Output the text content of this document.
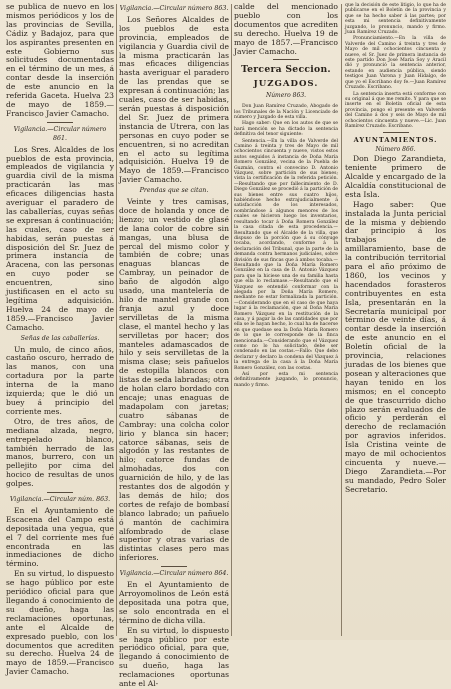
se publica de nuevo en los mismos periódicos y los de las provincias de Sevilla, Cádiz y Badajoz, para que los aspirantes presenten en este Gobierno sus solicitudes documentadas en el término de un mes, á contar desde la inserción de este anuncio en la referida Gaceta. Huelva 23 de mayo de 1859.—Francisco Javier Camacho.

Vigilancia.—Circular número 861.

Los Sres. Alcaldes de los pueblos de esta provincia, empleados de vigilancia y guardia civil de la misma practicarán las mas eficaces diligencias hasta averiguar el paradero de las caballerías, cuyas señas se expresan á continuación; las cuales, caso de ser habidas, serán puestas á disposición del Sr. Juez de primera instancia de Aracena, con las personas en cuyo poder se encuentren, sino justificasen en el acto su legítima adquisición. Huelva 24 de mayo de 1859.—Francisco Javier Camacho.

Señas de las caballerías.

Un mulo, de cinco años, castaño oscuro, herrado de las manos, con una cortadura por la parte interna de la mano izquierda; que le dió un buey á principio del corriente mes.

Otro, de tres años, de mediana alzada, negro, entrepelado blanco, también herrado de las manos, burrero, con un pellejito por cima del hocico de resultas de unos golpes.

Vigilancia.—Circular núm. 863.

En el Ayuntamiento de Escacena del Campo está depositada una yegua, que el 7 del corriente mes fué encontrada en las inmediaciones de dicho término.

En su virtud, lo dispuesto se hago público por este periódico oficial para que llegando á conocimiento de su dueño, haga las reclamaciones oportunas, ante el Alcalde de expresado pueblo, con los documentos que acrediten su derecho. Huelva 24 de mayo de 1859.—Francisco Javier Camacho.

Vigilancia.—Circular número 863.

Los Señores Alcaldes de los pueblos de esta provincia, empleados de vigilancia y Guardia civil de la misma practicarán las mas eficaces diligencias hasta averiguar el paradero de las prendas que se expresan á continuación; las cuales, caso de ser habidas, serán puestas á disposición del Sr. Juez de primera instancia de Utrera, con las personas en cuyo poder se encuentren, si no acreditan en el acto su legítima adquisición. Huelva 19 de Mayo de 1859.—Francisco Javier Camacho.

Prendas que se citan.

Veinte y tres camisas, doce de holanda y once de lienzo; un vestido de glasé de lana color de cobre sin mangas, una blusa de percal del mismo color y también de cobre; unas enaguas blancas de Cambray, un peinador de baño de algodón algo usado, una mantelería de hilo de mantel grande con franja azul y doce servilletas de la misma clase, el mantel hecho y las servilletas por hacer; dos manteles adamascados de hilo y seis servilletas de la misma clase; seis pañuelos de estopilla blancos con listas de seda labradas; otra de holan claro bordado con encaje; unas enaguas de madapolam con jaretas; cuatro sábanas de Cambray: una colcha color lirio y blanca sin hacer; catorce sábanas, seis de algodón y las restantes de hilo; catorce fundas de almohadas, dos con guarnición de hilo, y de las restantes dos de algodón y las demás de hilo; dos cortes de refajo de bombasí blanco labrado; un pañuelo ó mantón de cachimira alfombrado de clase superior y otras varias de distintas clases pero mas inferiores.

Vigilancia.—Circular número 864.

En el Ayuntamiento de Arroyomolinos de León está depositada una potra que, se solo encontrada en el término de dicha villa.

En su virtud, lo dispuesto se haga público por este periódico oficial, para que, llegando á conocimiento de su dueño, haga las reclamaciones oportunas ante el Al-

calde del mencionado pueblo con los documentos que acrediten su derecho. Huelva 19 de mayo de 1857.—Francisco Javier Camacho.

Tercera Seccion.
JUZGADOS.
Número 863.

Don Juan Ramírez Cruzado, Abogado de los Tribunales de la Nación y Licenciado de número y Juzgado de esta villa.

Hago saber: Que en los autos de que se hará mención se ha dictado la sentencia definitiva del tenor siguiente:

Sentencia.—En la villa de Valverde del Camino á treinta y tres de Mayo de mil ochocientos cincuenta y nueve, vistos estos autos seguidos á instancia de Doña María Romero González, vecina de la Puebla de Guzmán, contra el convecino D. Antonio Vázquez, sobre partición de sus bienes; vista la certificación de la referida petición.—Resultando que por fallecimiento de D. Diego González se procedió á la partición de sus bienes entre sus cuatro hijos, habiéndose hecho extrajudicialmente á satisfacción de los interesados, nombrándose á algunos menores de los cuales se hicieron luego los inventarios, resultando tocar á Doña Romera González la casa citada de esta procedencia.—Resultando que el Alcalde de la villa, que dispuso de la porción que á su cónyuge tocaba, acordando, conforme á la declaración del Tribunal, que la parte de la demanda contra hermanos judiciales, sobre división de sus fincas que á ambos tocaba.—Resultando que la Doña María Romero González en la casa de D. Antonio Vázquez para que la hiciese una de su familia hasta que ella lo reclamase.—Resultando que el Vázquez se entendió conformar con la alegada por la Doña María Romero, mediante no estar formalizada la partición.—Considerando que en el caso de que haya lugar á la reclamación, que al Doña María Romero Vázquez en la restitución de la casa, y á pagar la de las cantidades que por ella se le hayan hecho, lo cual ha de hacerse en que quedase sea la Doña María Romero de lo que le corresponde de la finca mencionada.—Considerando que el Vázquez como no lo ha solicitado, debe ser condenado en las costas.—Fallo: Que debo declarar y declaro la condena del Vázquez á la entrega de la casa á la Doña María Romero González, con las costas.

Así por esta mi sentencia definitivamente juzgando, lo pronuncio, mando y firmo.

que la decisión de este litigio, lo que ha de publicarse en el Boletín de la provincia y que se ha hecho saber á las partes; por esta mi sentencia definitivamente juzgando, lo pronuncio, mando y firmo. Juan Ramírez Cruzado.

Pronunciamiento.—En la villa de Valverde del Camino á treinta y tres de Mayo de mil ochocientos cincuenta y nueve, el Sr. Juez de primera instancia de este partido Don José María Soy y Aracil dió y pronunció la sentencia anterior, estando en audiencia pública, siendo testigos Juan Varona y Juan Hidalgo, de que yo el Escribano doy fe.—Juan Ramírez Cruzado. Escribano.

La sentencia inserta está conforme con su original á que me remito. Y para que se inserte en el Boletín oficial de esta provincia, pongo el presente en Valverde del Camino á dos y seis de Mayo de mil ochocientos cincuenta y nueve.—Lic. Juan Ramírez Cruzado. Escribano.

AYUNTAMIENTOS.
Número 866.

Don Diego Zarandieta, teniente primero de Alcalde y encargado de la Alcaldía constitucional de esta Isla.

Hago saber: Que instalada la Junta pericial de la misma y debiendo dar principio á los trabajos de amillaramiento, base de la contribución territorial para el año próximo de 1860, los vecinos y hacendados forasteros contribuyentes en esta Isla, presentarán en la Secretaría municipal por término de veinte días, á contar desde la inserción de este anuncio en el Boletín oficial de la provincia, relaciones juradas de los bienes que posean y alteraciones que hayan tenido en los mismos; en el concepto de que trascurrido dicho plazo serán evaluados de oficio y perderán el derecho de reclamación por agravios inferidos. Isla Cristina veinte de mayo de mil ochocientos cincuenta y nueve.—Diego Zarandieta.—Por su mandado, Pedro Soler Secretario.
